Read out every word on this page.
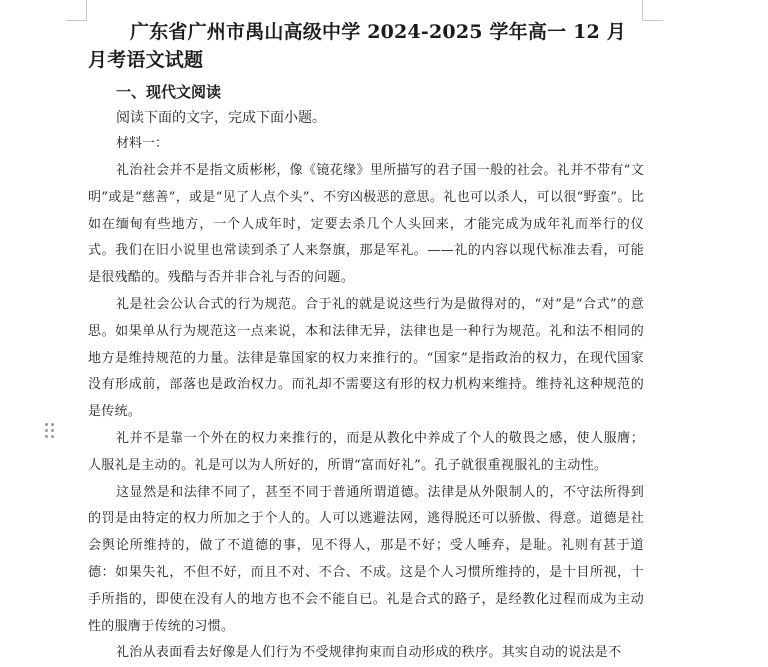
广东省广州市禺山高级中学 2024-2025 学年高一 12 月月考语文试题

一、现代文阅读

阅读下面的文字，完成下面小题。

材料一：

礼治社会并不是指文质彬彬，像《镜花缘》里所描写的君子国一般的社会。礼并不带有“文明”或是“慈善”，或是“见了人点个头”、不穷凶极恶的意思。礼也可以杀人，可以很“野蛮”。比如在缅甸有些地方，一个人成年时，定要去杀几个人头回来，才能完成为成年礼而举行的仪式。我们在旧小说里也常读到杀了人来祭旗，那是军礼。——礼的内容以现代标准去看，可能是很残酷的。残酷与否并非合礼与否的问题。

礼是社会公认合式的行为规范。合于礼的就是说这些行为是做得对的，“对”是“合式”的意思。如果单从行为规范这一点来说，本和法律无异，法律也是一种行为规范。礼和法不相同的地方是维持规范的力量。法律是靠国家的权力来推行的。“国家”是指政治的权力，在现代国家没有形成前，部落也是政治权力。而礼却不需要这有形的权力机构来维持。维持礼这种规范的是传统。

礼并不是靠一个外在的权力来推行的，而是从教化中养成了个人的敬畏之感，使人服膺；人服礼是主动的。礼是可以为人所好的，所谓“富而好礼”。孔子就很重视服礼的主动性。

这显然是和法律不同了，甚至不同于普通所谓道德。法律是从外限制人的，不守法所得到的罚是由特定的权力所加之于个人的。人可以逃避法网，逃得脱还可以骄傲、得意。道德是社会舆论所维持的，做了不道德的事，见不得人，那是不好；受人唾弃，是耻。礼则有甚于道德：如果失礼，不但不好，而且不对、不合、不成。这是个人习惯所维持的，是十目所视，十手所指的，即使在没有人的地方也不会不能自已。礼是合式的路子，是经教化过程而成为主动性的服膺于传统的习惯。

礼治从表面看去好像是人们行为不受规律拘束而自动形成的秩序。其实自动的说法是不
